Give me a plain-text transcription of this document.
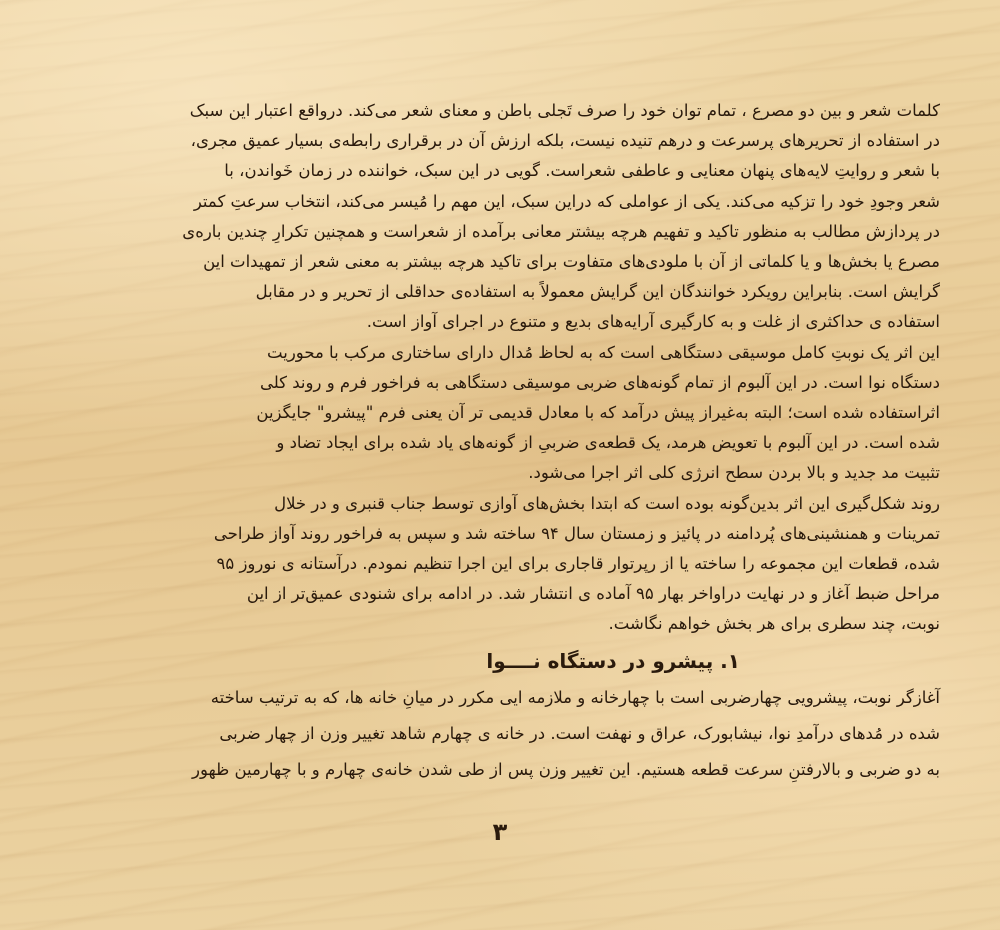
کلمات شعر و بین دو مصرع ، تمام توان خود را صرف تَجلی باطن و معنای شعر می‌کند. درواقع اعتبار این سبک
در استفاده از تحریرهای پرسرعت و درهم تنیده نیست، بلکه ارزش آن در برقراری رابطه‌ی بسیار عمیق مجری،
با شعر و روایتِ لایه‌های پنهان معنایی و عاطفی شعراست. گویی در این سبک، خواننده در زمان خَواندن، با
شعر وجودِ خود را تزکیه می‌کند. یکی از عواملی که دراین سبک، این مهم را مُیسر می‌کند، انتخاب سرعتِ کمتر
در پردازش مطالب به منظور تاکید و تفهیم هرچه بیشتر معانی برآمده از شعراست و همچنین تکرارِ چندین باره‌ی
مصرع یا بخش‌ها و یا کلماتی از آن با ملودی‌های متفاوت برای تاکید هرچه بیشتر به معنی شعر از تمهیدات این
گرایش است. بنابراین رویکرد خوانندگان این گرایش معمولاً به استفاده‌ی حداقلی از تحریر و در مقابل
استفاده ی حداکثری از غلت و به کارگیری آرایه‌های بدیع و متنوع در اجرای آواز است.

این اثر یک نوبتِ کامل موسیقی دستگاهی است که به لحاظ مُدال دارای ساختاری مرکب با محوریت
دستگاه نوا است. در این آلبوم از تمام گونه‌های ضربی موسیقی دستگاهی به فراخور فرم و روند کلی
اثراستفاده شده است؛ البته به‌غیراز پیش درآمد که با معادل قدیمی تر آن یعنی فرم "پیشرو" جایگزین
شده است. در این آلبوم با تعویض هرمد، یک قطعه‌ی ضربیِ از گونه‌های یاد شده برای ایجاد تضاد و
تثبیت مد جدید و بالا بردن سطح انرژی کلی اثر اجرا می‌شود.

روند شکل‌گیری این اثر بدین‌گونه بوده است که ابتدا بخش‌های آوازی توسط جناب قنبری و در خلال
تمرینات و همنشینی‌های پُردامنه در پائیز و زمستان سال ۹۴ ساخته شد و سپس به فراخور روند آواز طراحی
شده، قطعات این مجموعه را ساخته یا از رپرتوار قاجاری برای این اجرا تنظیم نمودم. درآستانه ی نوروز ۹۵
مراحل ضبط آغاز و در نهایت دراواخر بهار ۹۵ آماده ی انتشار شد. در ادامه برای شنودی عمیق‌تر از این
نوبت، چند سطری برای هر بخش خواهم نگاشت.

۱. پیشرو در دستگاه نــــوا

آغازگر نوبت، پیشرویی چهارضربی است با چهارخانه و ملازمه ایی مکرر در میانِ خانه ها، که به ترتیب ساخته
شده در مُدهای درآمدِ نوا، نیشابورک، عراق و نهفت است. در خانه ی چهارم شاهد تغییر وزن از چهار ضربی
به دو ضربی و بالارفتنِ سرعت قطعه هستیم. این تغییر وزن پس از طی شدن خانه‌ی چهارم و با چهارمین ظهور

۳
